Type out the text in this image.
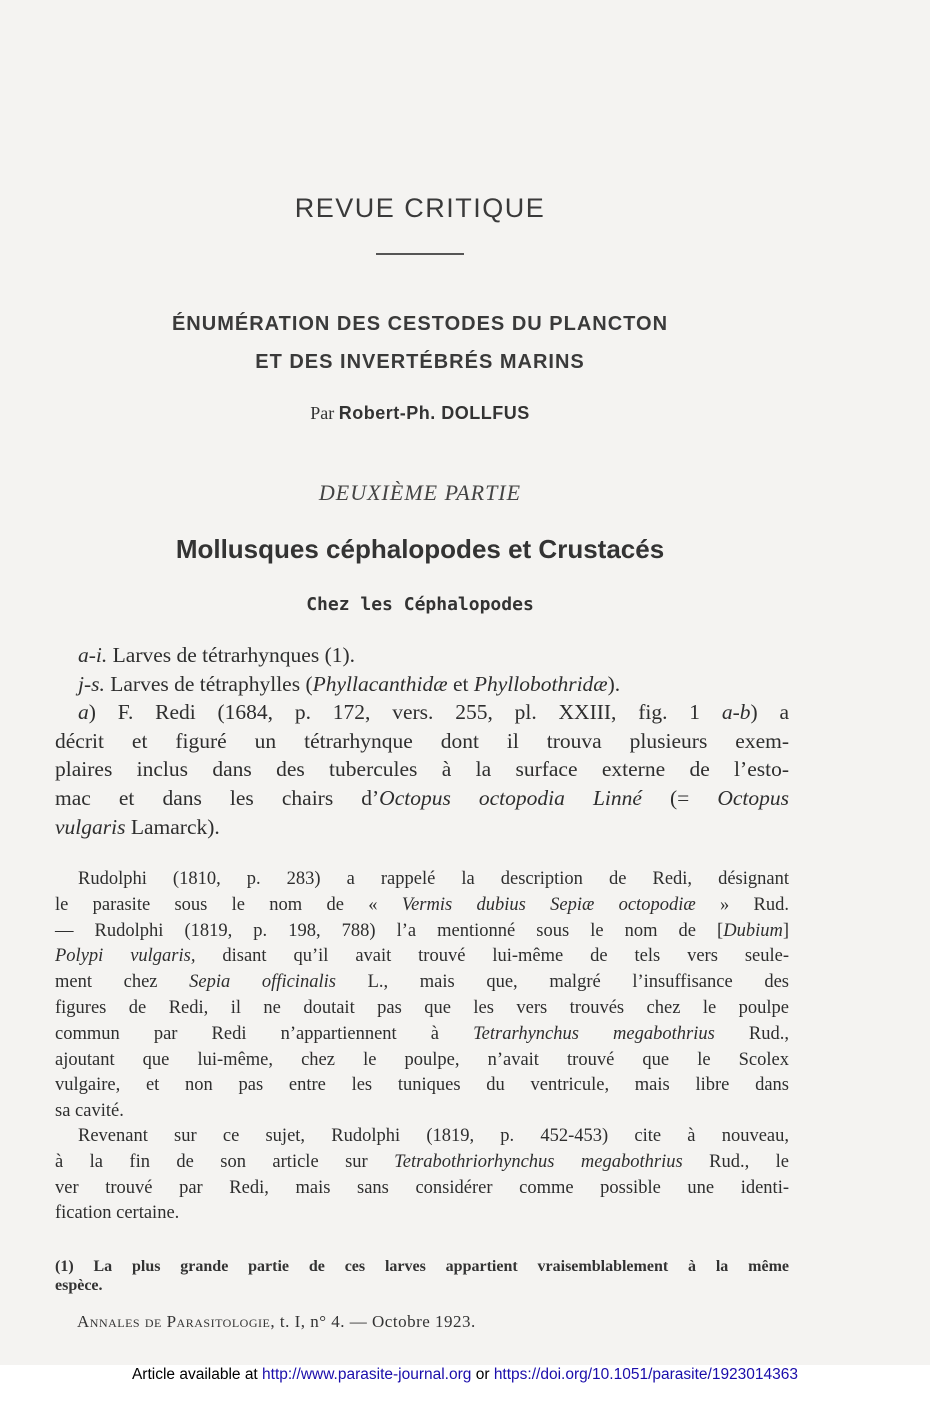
REVUE CRITIQUE
ÉNUMÉRATION DES CESTODES DU PLANCTON
ET DES INVERTÉBRÉS MARINS
Par Robert-Ph. DOLLFUS
DEUXIÈME PARTIE
Mollusques céphalopodes et Crustacés
Chez les Céphalopodes
a-i. Larves de tétrarhynques (1).
j-s. Larves de tétraphylles (Phyllacanthidæ et Phyllobothridæ).
a) F. Redi (1684, p. 172, vers. 255, pl. XXIII, fig. 1 a-b) a
décrit et figuré un tétrarhynque dont il trouva plusieurs exem-
plaires inclus dans des tubercules à la surface externe de l’esto-
mac et dans les chairs d’Octopus octopodia Linné (= Octopus
vulgaris Lamarck).
Rudolphi (1810, p. 283) a rappelé la description de Redi, désignant
le parasite sous le nom de « Vermis dubius Sepiæ octopodiæ » Rud.
— Rudolphi (1819, p. 198, 788) l’a mentionné sous le nom de [Dubium]
Polypi vulgaris, disant qu’il avait trouvé lui-même de tels vers seule-
ment chez Sepia officinalis L., mais que, malgré l’insuffisance des
figures de Redi, il ne doutait pas que les vers trouvés chez le poulpe
commun par Redi n’appartiennent à Tetrarhynchus megabothrius Rud.,
ajoutant que lui-même, chez le poulpe, n’avait trouvé que le Scolex
vulgaire, et non pas entre les tuniques du ventricule, mais libre dans
sa cavité.
Revenant sur ce sujet, Rudolphi (1819, p. 452-453) cite à nouveau,
à la fin de son article sur Tetrabothriorhynchus megabothrius Rud., le
ver trouvé par Redi, mais sans considérer comme possible une identi-
fication certaine.
(1) La plus grande partie de ces larves appartient vraisemblablement à la même
espèce.
Annales de Parasitologie, t. I, n° 4. — Octobre 1923.
Article available at http://www.parasite-journal.org or https://doi.org/10.1051/parasite/1923014363
